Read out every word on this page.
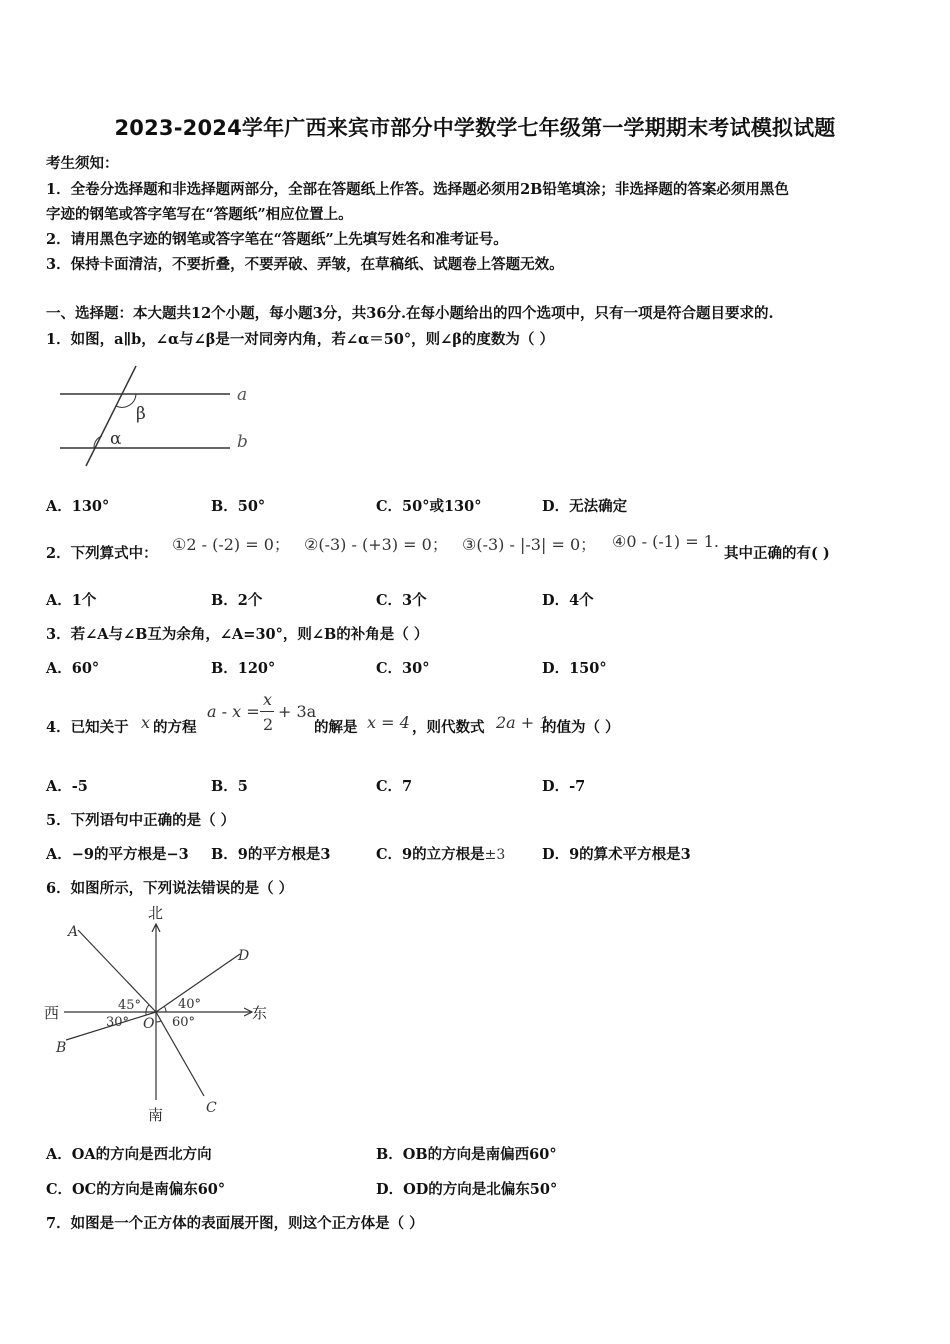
2023-2024学年广西来宾市部分中学数学七年级第一学期期末考试模拟试题
考生须知：
1．全卷分选择题和非选择题两部分，全部在答题纸上作答。选择题必须用2B铅笔填涂；非选择题的答案必须用黑色
字迹的钢笔或答字笔写在“答题纸”相应位置上。
2．请用黑色字迹的钢笔或答字笔在“答题纸”上先填写姓名和准考证号。
3．保持卡面清洁，不要折叠，不要弄破、弄皱，在草稿纸、试题卷上答题无效。
一、选择题：本大题共12个小题，每小题3分，共36分.在每小题给出的四个选项中，只有一项是符合题目要求的.
1．如图，a∥b，∠α与∠β是一对同旁内角，若∠α＝50°，则∠β的度数为（ ）
a
b
β
α
A．130°	B．50°	C．50°或130°	D．无法确定
2．下列算式中： ①2 - (-2) = 0； ②(-3) - (+3) = 0； ③(-3) - |-3| = 0； ④0 - (-1) = 1.
其中正确的有( )
A．1个	B．2个	C．3个	D．4个
3．若∠A与∠B互为余角，∠A=30°，则∠B的补角是（ ）
A．60°	B．120°	C．30°	D．150°
4．已知关于 x 的方程
a - x =
x
2
+ 3a
的解是 x = 4 ，则代数式 2a + 1
的值为（ ）
A．-5	B．5	C．7	D．-7
5．下列语句中正确的是（ ）
A．−9的平方根是−3 B．9的平方根是3	C．9的立方根是±3	D．9的算术平方根是3
6．如图所示，下列说法错误的是（ ）
北
南
西	东
A
D
B
C
O
45°	40°
30°	60°
A．OA的方向是西北方向	B．OB的方向是南偏西60°
C．OC的方向是南偏东60°	D．OD的方向是北偏东50°
7．如图是一个正方体的表面展开图，则这个正方体是（ ）
